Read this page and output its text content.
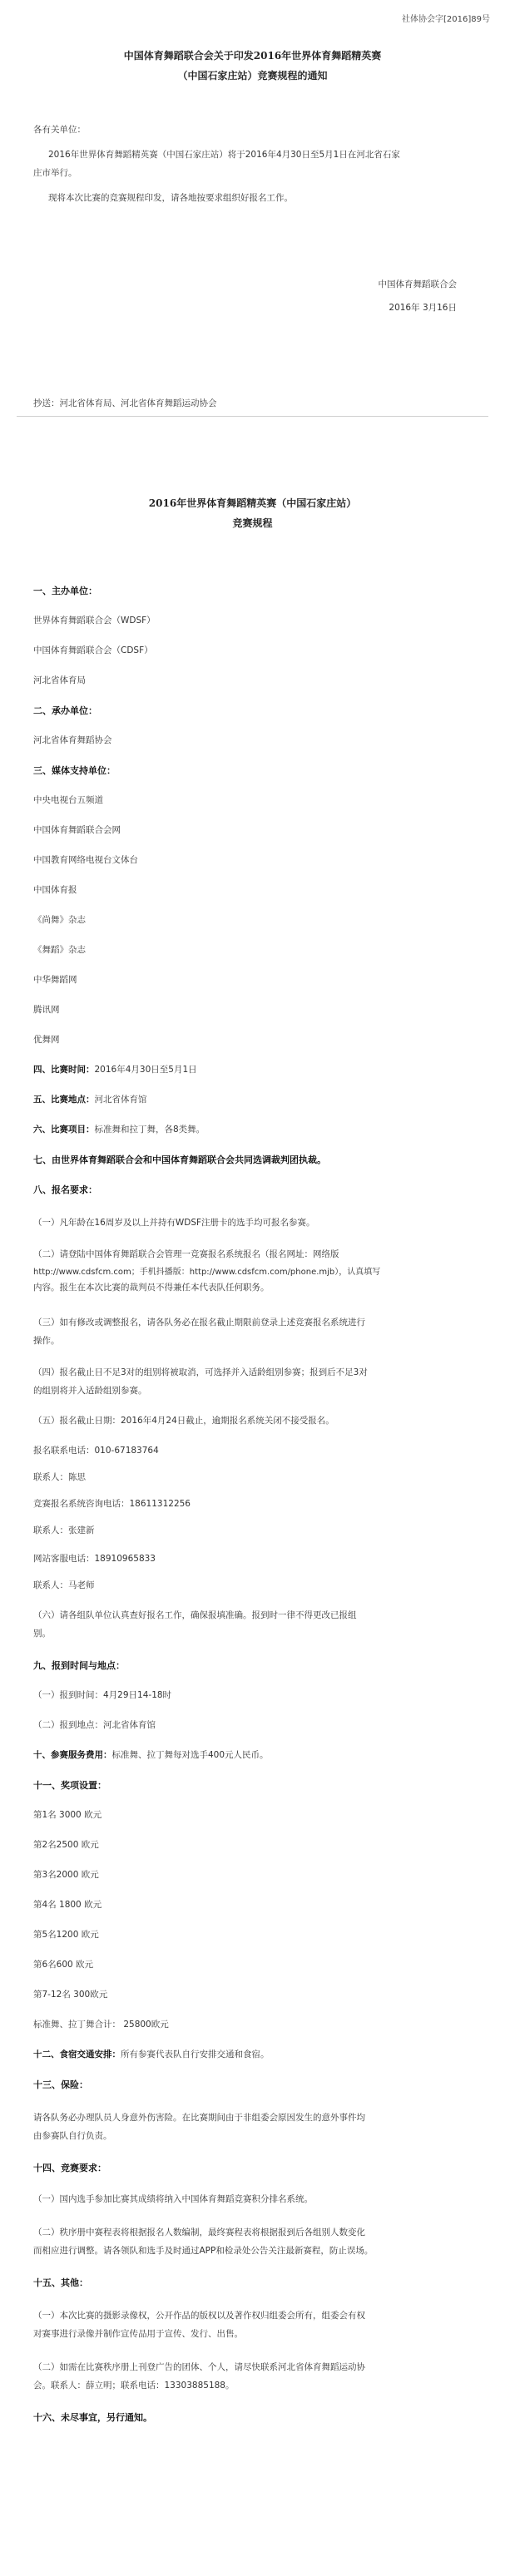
社体协会字[2016]89号
中国体育舞蹈联合会关于印发2016年世界体育舞蹈精英赛
（中国石家庄站）竞赛规程的通知
各有关单位：
2016年世界体育舞蹈精英赛（中国石家庄站）将于2016年4月30日至5月1日在河北省石家
庄市举行。
现将本次比赛的竞赛规程印发，请各地按要求组织好报名工作。
中国体育舞蹈联合会
2016年 3月16日
抄送：河北省体育局、河北省体育舞蹈运动协会
2016年世界体育舞蹈精英赛（中国石家庄站）
竞赛规程
一、主办单位：
世界体育舞蹈联合会（WDSF）
中国体育舞蹈联合会（CDSF）
河北省体育局
二、承办单位：
河北省体育舞蹈协会
三、媒体支持单位：
中央电视台五频道
中国体育舞蹈联合会网
中国教育网络电视台文体台
中国体育报
《尚舞》杂志
《舞蹈》杂志
中华舞蹈网
腾讯网
优舞网
四、比赛时间：2016年4月30日至5月1日
五、比赛地点：河北省体育馆
六、比赛项目：标准舞和拉丁舞，各8类舞。
七、由世界体育舞蹈联合会和中国体育舞蹈联合会共同选调裁判团执裁。
八、报名要求：
（一）凡年龄在16周岁及以上并持有WDSF注册卡的选手均可报名参赛。
（二）请登陆中国体育舞蹈联合会管理一竞赛报名系统报名（报名网址：网络版
http://www.cdsfcm.com；手机抖播版：http://www.cdsfcm.com/phone.mjb），认真填写
内容。报生在本次比赛的裁判员不得兼任本代表队任何职务。
（三）如有修改或调整报名，请各队务必在报名截止期限前登录上述竞赛报名系统进行
操作。
（四）报名截止日不足3对的组别将被取消，可选择并入适龄组别参赛；报到后不足3对
的组别将并入适龄组别参赛。
（五）报名截止日期：2016年4月24日截止，逾期报名系统关闭不接受报名。
报名联系电话：010-67183764
联系人：陈思
竞赛报名系统咨询电话：18611312256
联系人：张建新
网站客服电话：18910965833
联系人：马老师
（六）请各组队单位认真查好报名工作，确保报填准确。报到时一律不得更改已报组
别。
九、报到时间与地点：
（一）报到时间：4月29日14-18时
（二）报到地点：河北省体育馆
十、参赛服务费用：标准舞、拉丁舞每对选手400元人民币。
十一、奖项设置：
第1名 3000 欧元
第2名2500 欧元
第3名2000 欧元
第4名 1800 欧元
第5名1200 欧元
第6名600 欧元
第7-12名 300欧元
标准舞、拉丁舞合计： 25800欧元
十二、食宿交通安排：所有参赛代表队自行安排交通和食宿。
十三、保险：
请各队务必办理队员人身意外伤害险。在比赛期间由于非组委会原因发生的意外事件均
由参赛队自行负责。
十四、竞赛要求：
（一）国内选手参加比赛其成绩将纳入中国体育舞蹈竞赛积分排名系统。
（二）秩序册中赛程表将根据报名人数编制，最终赛程表将根据报到后各组别人数变化
而相应进行调整。请各领队和选手及时通过APP和检录处公告关注最新赛程，防止误场。
十五、其他：
（一）本次比赛的摄影录像权，公开作品的版权以及著作权归组委会所有，组委会有权
对赛事进行录像并制作宣传品用于宣传、发行、出售。
（二）如需在比赛秩序册上刊登广告的团体、个人，请尽快联系河北省体育舞蹈运动协
会。联系人：薛立明；联系电话：13303885188。
十六、未尽事宜，另行通知。
